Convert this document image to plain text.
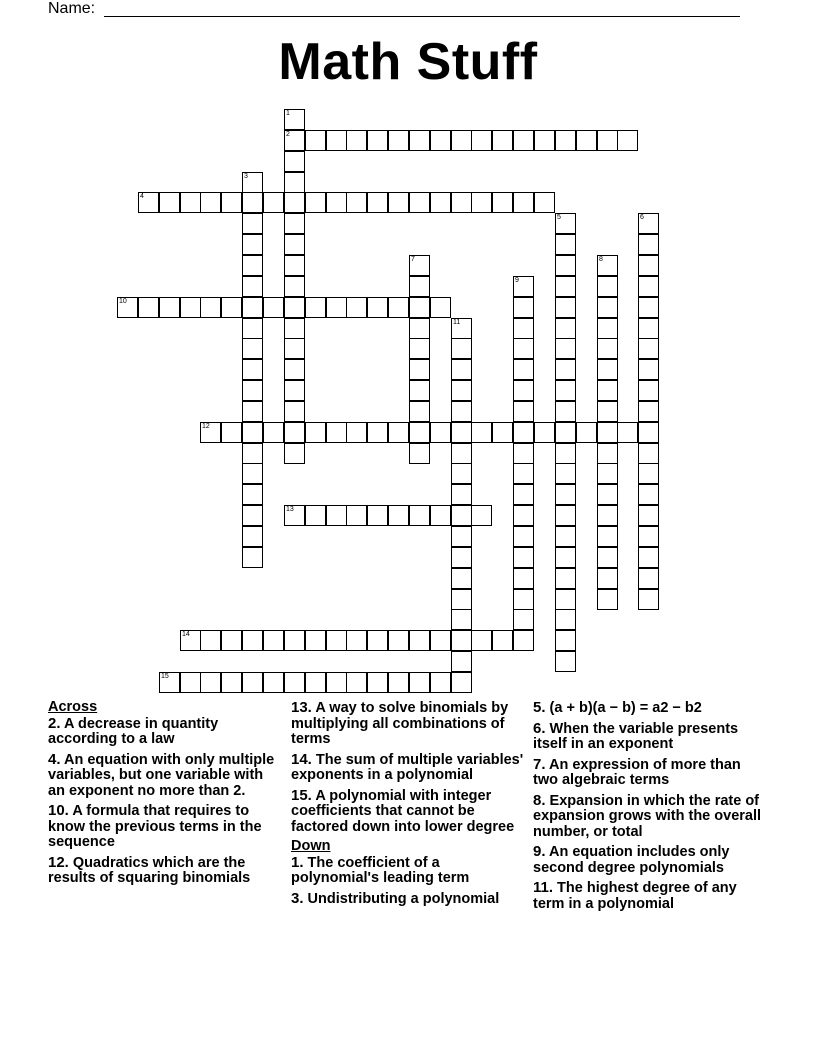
Name:
Math Stuff
1
2
3
4
5	6
7	8
9
10
11
12
13
14
15
Across
2. A decrease in quantity according to a law
4. An equation with only multiple variables, but one variable with an exponent no more than 2.
10. A formula that requires to know the previous terms in the sequence
12. Quadratics which are the results of squaring binomials
13. A way to solve binomials by multiplying all combinations of terms
14. The sum of multiple variables' exponents in a polynomial
15. A polynomial with integer coefficients that cannot be factored down into lower degree
Down
1. The coefficient of a polynomial's leading term
3. Undistributing a polynomial
5. (a + b)(a − b) = a2 − b2
6. When the variable presents itself in an exponent
7. An expression of more than two algebraic terms
8. Expansion in which the rate of expansion grows with the overall number, or total
9. An equation includes only second degree polynomials
11. The highest degree of any term in a polynomial
